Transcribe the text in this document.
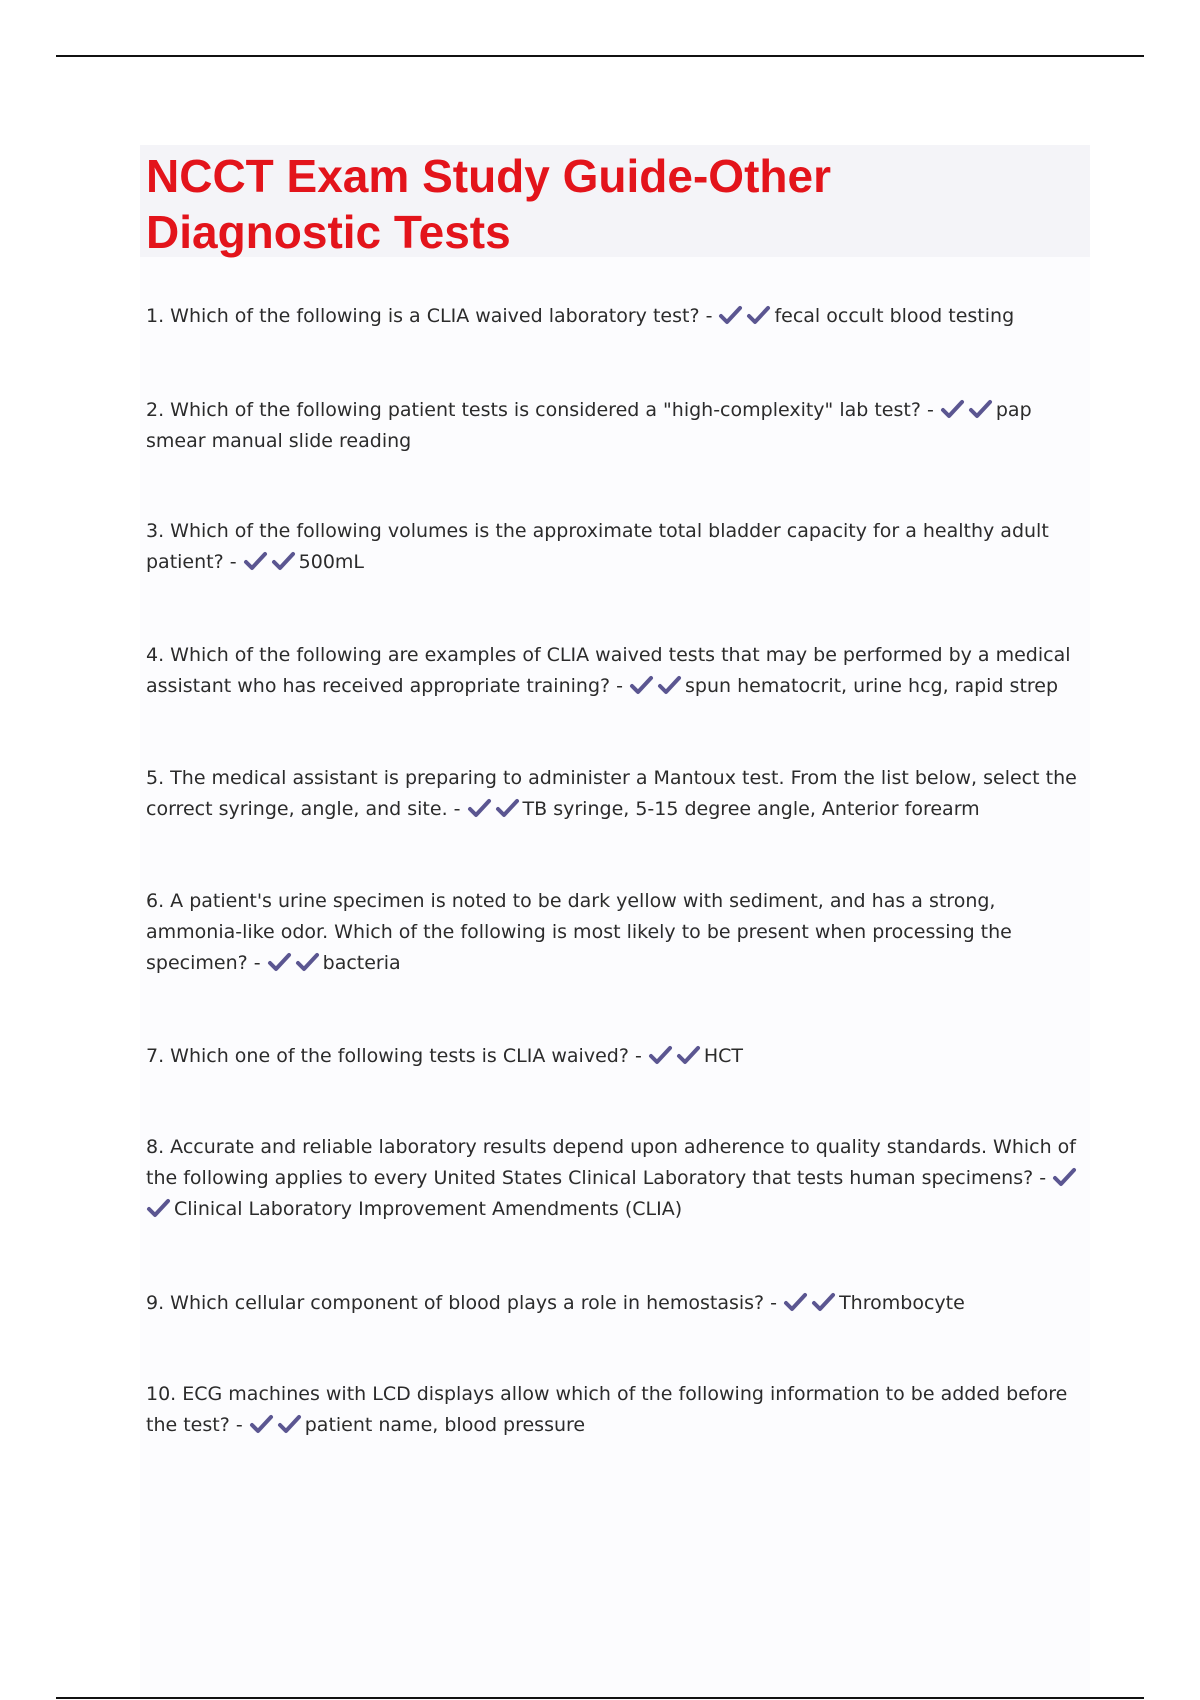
NCCT Exam Study Guide-Other Diagnostic Tests

1. Which of the following is a CLIA waived laboratory test? -	fecal occult blood testing

2. Which of the following patient tests is considered a "high-complexity" lab test? -	pap smear manual slide reading

3. Which of the following volumes is the approximate total bladder capacity for a healthy adult patient? -	500mL

4. Which of the following are examples of CLIA waived tests that may be performed by a medical assistant who has received appropriate training? -	spun hematocrit, urine hcg, rapid strep

5. The medical assistant is preparing to administer a Mantoux test. From the list below, select the correct syringe, angle, and site. -	TB syringe, 5-15 degree angle, Anterior forearm

6. A patient's urine specimen is noted to be dark yellow with sediment, and has a strong, ammonia-like odor. Which of the following is most likely to be present when processing the specimen? -	bacteria

7. Which one of the following tests is CLIA waived? -	HCT

8. Accurate and reliable laboratory results depend upon adherence to quality standards. Which of the following applies to every United States Clinical Laboratory that tests human specimens? -
Clinical Laboratory Improvement Amendments (CLIA)

9. Which cellular component of blood plays a role in hemostasis? -	Thrombocyte

10. ECG machines with LCD displays allow which of the following information to be added before the test? -	patient name, blood pressure
